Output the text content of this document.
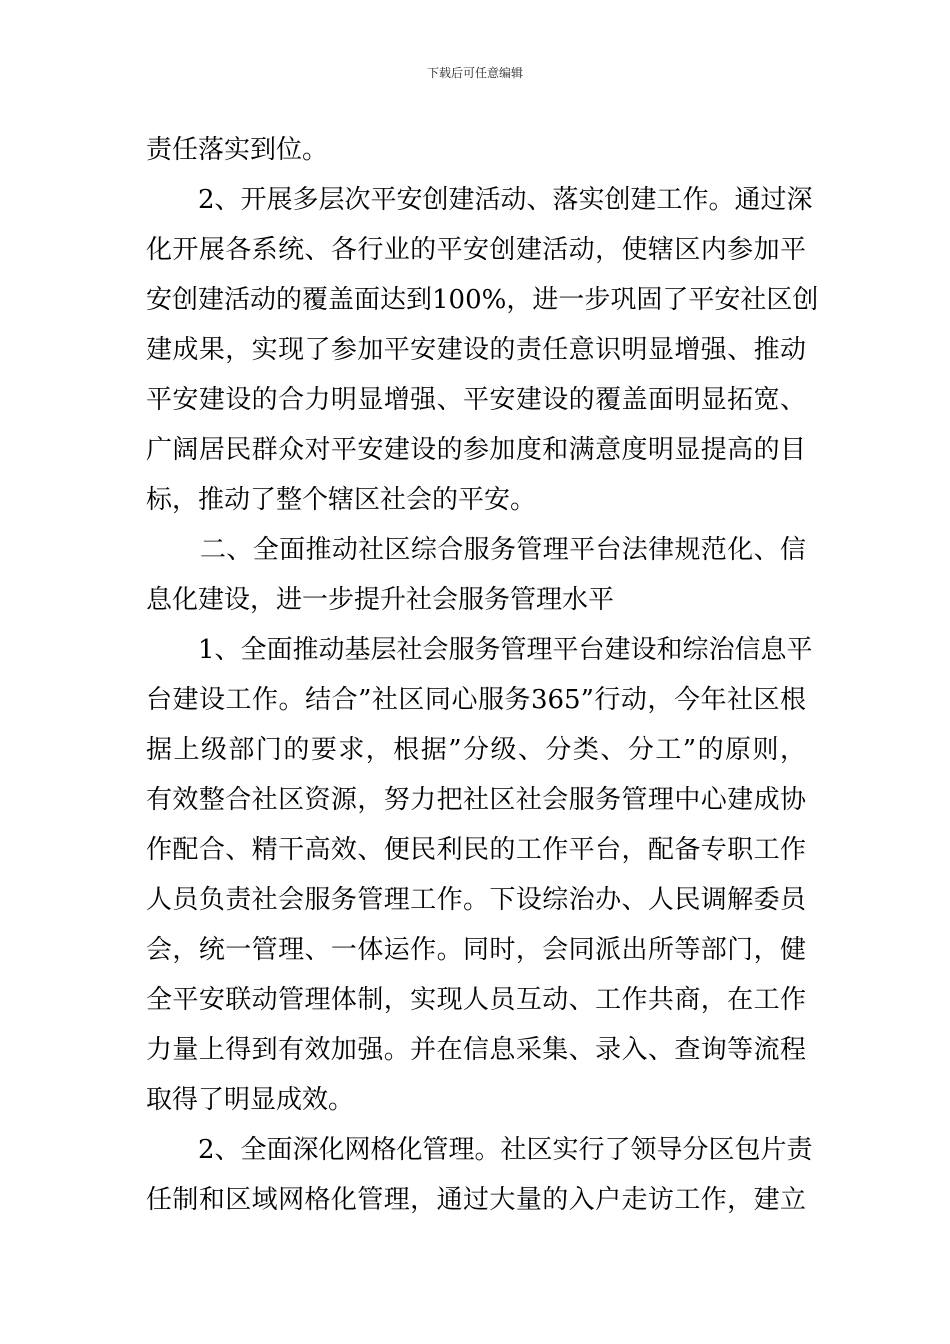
下载后可任意编辑
责任落实到位。
2、开展多层次平安创建活动、落实创建工作。通过深
化开展各系统、各行业的平安创建活动，使辖区内参加平
安创建活动的覆盖面达到100%，进一步巩固了平安社区创
建成果，实现了参加平安建设的责任意识明显增强、推动
平安建设的合力明显增强、平安建设的覆盖面明显拓宽、
广阔居民群众对平安建设的参加度和满意度明显提高的目
标，推动了整个辖区社会的平安。
二、全面推动社区综合服务管理平台法律规范化、信
息化建设，进一步提升社会服务管理水平
1、全面推动基层社会服务管理平台建设和综治信息平
台建设工作。结合”社区同心服务365”行动，今年社区根
据上级部门的要求，根据”分级、分类、分工”的原则，
有效整合社区资源，努力把社区社会服务管理中心建成协
作配合、精干高效、便民利民的工作平台，配备专职工作
人员负责社会服务管理工作。下设综治办、人民调解委员
会，统一管理、一体运作。同时，会同派出所等部门，健
全平安联动管理体制，实现人员互动、工作共商，在工作
力量上得到有效加强。并在信息采集、录入、查询等流程
取得了明显成效。
2、全面深化网格化管理。社区实行了领导分区包片责
任制和区域网格化管理，通过大量的入户走访工作，建立
